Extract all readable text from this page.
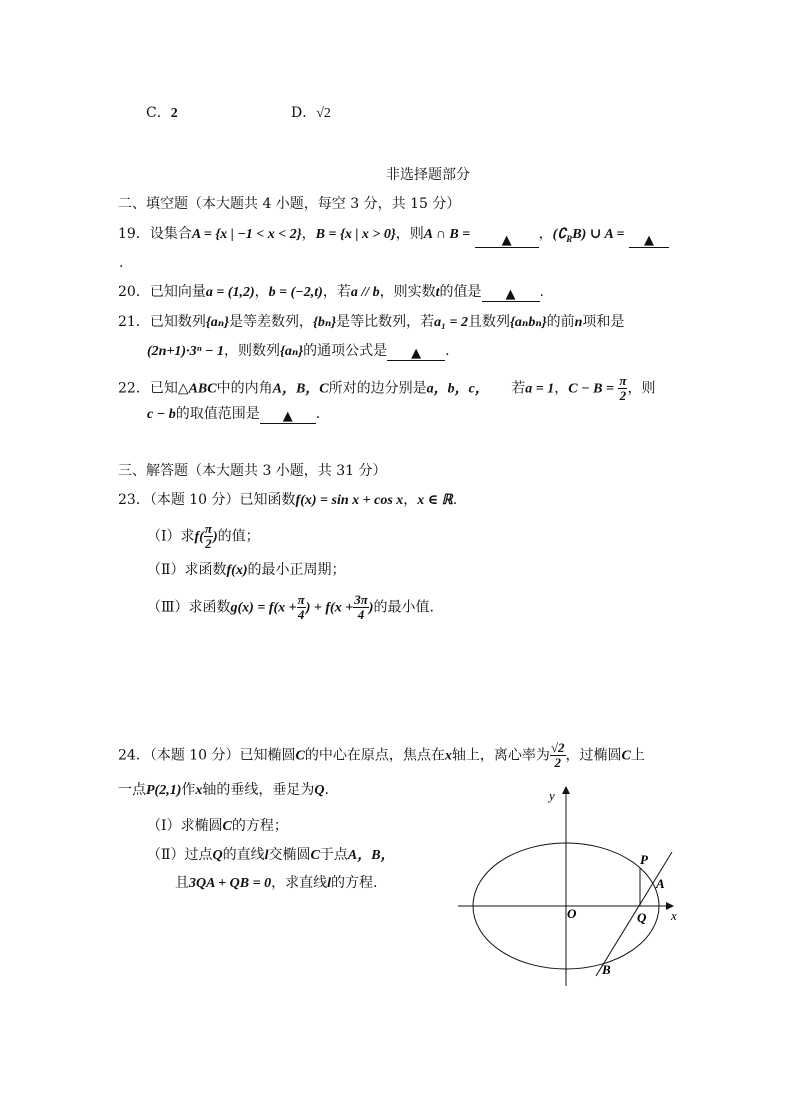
C．2	D．√2
非选择题部分
二、填空题（本大题共 4 小题，每空 3 分，共 15 分）
19．设集合A = {x | −1 < x < 2}，B = {x | x > 0}，则A ∩ B = ▲ ，$(∁_RB)$ ∪ A = ▲
.
20．已知向量a = (1,2)，b = (−2,t)，若a // b，则实数t的值是 ▲ .
21．已知数列{aₙ}是等差数列，{bₙ}是等比数列，若a₁ = 2且数列{aₙbₙ}的前n项和是
(2n+1)·3ⁿ − 1，则数列{aₙ}的通项公式是 ▲ .
22．已知△ABC中的内角A，B，C所对的边分别是a，b，c， 若a = 1，$C - B = \frac{\pi}{2}$ ，则
c − b的取值范围是 ▲ .
三、解答题（本大题共 3 小题，共 31 分）
23．（本题 10 分）已知函数f(x) = sin x + cos x，x ∈ ℝ.
（Ⅰ）求$f( \frac{\pi}{2}$ )的值；
（Ⅱ）求函数f(x)的最小正周期；
（Ⅲ）求函数$g(x) = f(x + \frac{\pi}{4}$ ) + $f(x + \frac{3\pi}{4}$ )的最小值.
24．（本题 10 分）已知椭圆C的中心在原点，焦点在x轴上，离心率为 $\frac{√2}{2}$ ，过椭圆C上
一点P(2,1)作x轴的垂线，垂足为Q.
（Ⅰ）求椭圆C的方程；
（Ⅱ）过点Q的直线l交椭圆C于点A，B，
且3QA + QB = 0，求直线l的方程.
y
x
O	Q
P
A
B
